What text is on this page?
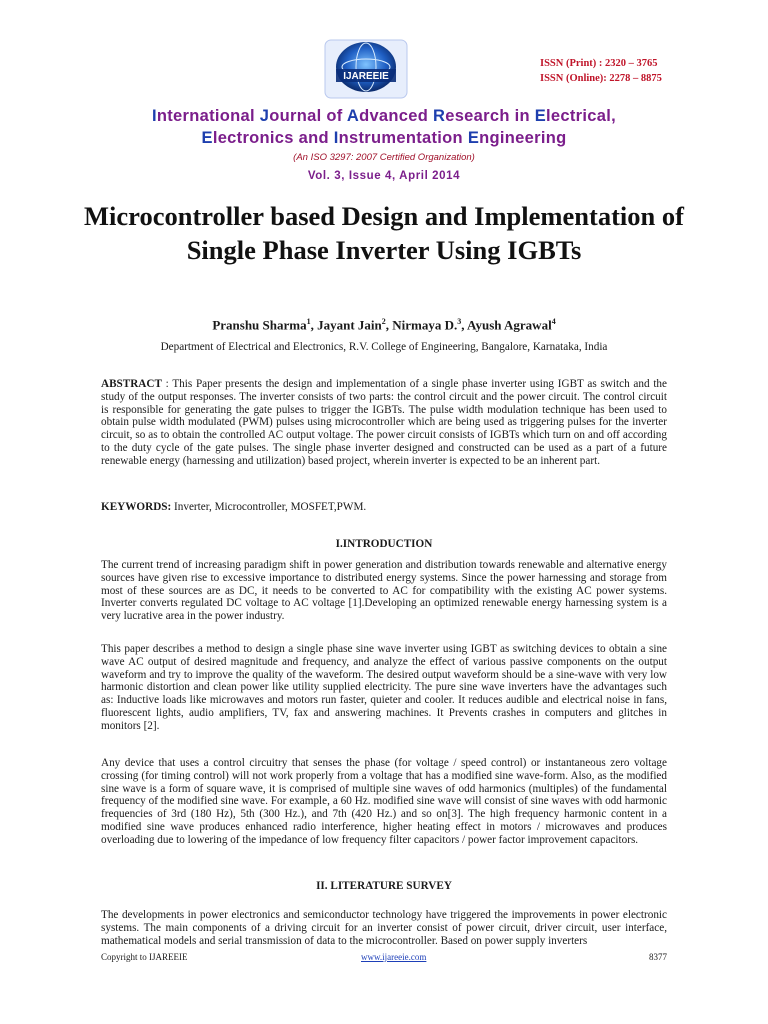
IJAREEIE
ISSN (Print) : 2320 – 3765
ISSN (Online): 2278 – 8875
International Journal of Advanced Research in Electrical,
Electronics and Instrumentation Engineering
(An ISO 3297: 2007 Certified Organization)
Vol. 3, Issue 4, April 2014
Microcontroller based Design and Implementation of Single Phase Inverter Using IGBTs
Pranshu Sharma$^1$, Jayant Jain$^2$, Nirmaya D.$^3$, Ayush Agrawal$^4$
Department of Electrical and Electronics, R.V. College of Engineering, Bangalore, Karnataka, India

ABSTRACT : This Paper presents the design and implementation of a single phase inverter using IGBT as switch and the study of the output responses. The inverter consists of two parts: the control circuit and the power circuit. The control circuit is responsible for generating the gate pulses to trigger the IGBTs. The pulse width modulation technique has been used to obtain pulse width modulated (PWM) pulses using microcontroller which are being used as triggering pulses for the inverter circuit, so as to obtain the controlled AC output voltage. The power circuit consists of IGBTs which turn on and off according to the duty cycle of the gate pulses. The single phase inverter designed and constructed can be used as a part of a future renewable energy (harnessing and utilization) based project, wherein inverter is expected to be an inherent part.

KEYWORDS: Inverter, Microcontroller, MOSFET,PWM.

I.INTRODUCTION

The current trend of increasing paradigm shift in power generation and distribution towards renewable and alternative energy sources have given rise to excessive importance to distributed energy systems. Since the power harnessing and storage from most of these sources are as DC, it needs to be converted to AC for compatibility with the existing AC power systems. Inverter converts regulated DC voltage to AC voltage [1].Developing an optimized renewable energy harnessing system is a very lucrative area in the power industry.

This paper describes a method to design a single phase sine wave inverter using IGBT as switching devices to obtain a sine wave AC output of desired magnitude and frequency, and analyze the effect of various passive components on the output waveform and try to improve the quality of the waveform. The desired output waveform should be a sine-wave with very low harmonic distortion and clean power like utility supplied electricity. The pure sine wave inverters have the advantages such as: Inductive loads like microwaves and motors run faster, quieter and cooler. It reduces audible and electrical noise in fans, fluorescent lights, audio amplifiers, TV, fax and answering machines. It Prevents crashes in computers and glitches in monitors [2].

Any device that uses a control circuitry that senses the phase (for voltage / speed control) or instantaneous zero voltage crossing (for timing control) will not work properly from a voltage that has a modified sine wave-form. Also, as the modified sine wave is a form of square wave, it is comprised of multiple sine waves of odd harmonics (multiples) of the fundamental frequency of the modified sine wave. For example, a 60 Hz. modified sine wave will consist of sine waves with odd harmonic frequencies of 3rd (180 Hz), 5th (300 Hz.), and 7th (420 Hz.) and so on[3]. The high frequency harmonic content in a modified sine wave produces enhanced radio interference, higher heating effect in motors / microwaves and produces overloading due to lowering of the impedance of low frequency filter capacitors / power factor improvement capacitors.

II. LITERATURE SURVEY

The developments in power electronics and semiconductor technology have triggered the improvements in power electronic systems. The main components of a driving circuit for an inverter consist of power circuit, driver circuit, user interface, mathematical models and serial transmission of data to the microcontroller. Based on power supply inverters

Copyright to IJAREEIE	www.ijareeie.com	8377
